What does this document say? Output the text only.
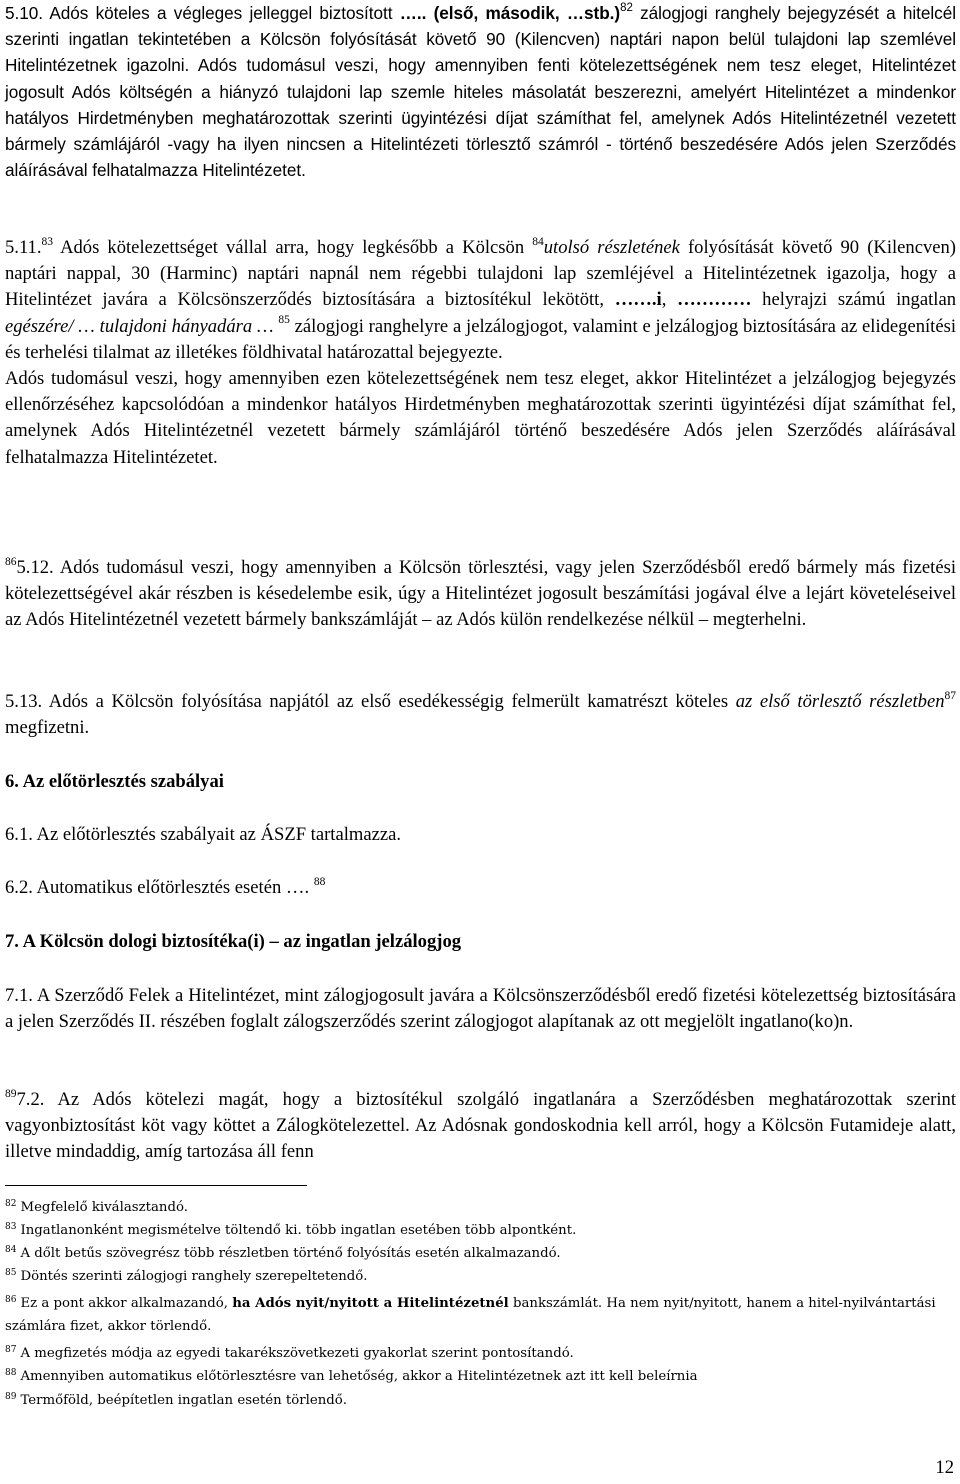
5.10. Adós köteles a végleges jelleggel biztosított ….. (első, második, …stb.)$^{82}$ zálogjogi ranghely bejegyzését a hitelcél szerinti ingatlan tekintetében a Kölcsön folyósítását követő 90 (Kilencven) naptári napon belül tulajdoni lap szemlével Hitelintézetnek igazolni. Adós tudomásul veszi, hogy amennyiben fenti kötelezettségének nem tesz eleget, Hitelintézet jogosult Adós költségén a hiányzó tulajdoni lap szemle hiteles másolatát beszerezni, amelyért Hitelintézet a mindenkor hatályos Hirdetményben meghatározottak szerinti ügyintézési díjat számíthat fel, amelynek Adós Hitelintézetnél vezetett bármely számlájáról -vagy ha ilyen nincsen a Hitelintézeti törlesztő számról - történő beszedésére Adós jelen Szerződés aláírásával felhatalmazza Hitelintézetet.

5.11.83 Adós kötelezettséget vállal arra, hogy legkésőbb a Kölcsön $^{84}$utolsó részletének folyósítását követő 90 (Kilencven) naptári nappal, 30 (Harminc) naptári napnál nem régebbi tulajdoni lap szemléjével a Hitelintézetnek igazolja, hogy a Hitelintézet javára a Kölcsönszerződés biztosítására a biztosítékul lekötött, …….i, ………… helyrajzi számú ingatlan egészére/ … tulajdoni hányadára … $^{85}$ zálogjogi ranghelyre a jelzálogjogot, valamint e jelzálogjog biztosítására az elidegenítési és terhelési tilalmat az illetékes földhivatal határozattal bejegyezte.

Adós tudomásul veszi, hogy amennyiben ezen kötelezettségének nem tesz eleget, akkor Hitelintézet a jelzálogjog bejegyzés ellenőrzéséhez kapcsolódóan a mindenkor hatályos Hirdetményben meghatározottak szerinti ügyintézési díjat számíthat fel, amelynek Adós Hitelintézetnél vezetett bármely számlájáról történő beszedésére Adós jelen Szerződés aláírásával felhatalmazza Hitelintézetet.

$^{86}$5.12. Adós tudomásul veszi, hogy amennyiben a Kölcsön törlesztési, vagy jelen Szerződésből eredő bármely más fizetési kötelezettségével akár részben is késedelembe esik, úgy a Hitelintézet jogosult beszámítási jogával élve a lejárt követeléseivel az Adós Hitelintézetnél vezetett bármely bankszámláját – az Adós külön rendelkezése nélkül – megterhelni.

5.13. Adós a Kölcsön folyósítása napjától az első esedékességig felmerült kamatrészt köteles az első törlesztő részletben$^{87}$ megfizetni.

6. Az előtörlesztés szabályai

6.1. Az előtörlesztés szabályait az ÁSZF tartalmazza.

6.2. Automatikus előtörlesztés esetén …. $^{88}$

7. A Kölcsön dologi biztosítéka(i) – az ingatlan jelzálogjog

7.1. A Szerződő Felek a Hitelintézet, mint zálogjogosult javára a Kölcsönszerződésből eredő fizetési kötelezettség biztosítására a jelen Szerződés II. részében foglalt zálogszerződés szerint zálogjogot alapítanak az ott megjelölt ingatlano(ko)n.

$^{89}$7.2. Az Adós kötelezi magát, hogy a biztosítékul szolgáló ingatlanára a Szerződésben meghatározottak szerint vagyonbiztosítást köt vagy köttet a Zálogkötelezettel. Az Adósnak gondoskodnia kell arról, hogy a Kölcsön Futamideje alatt, illetve mindaddig, amíg tartozása áll fenn

$^{82}$ Megfelelő kiválasztandó.

$^{83}$ Ingatlanonként megismételve töltendő ki. több ingatlan esetében több alpontként.

$^{84}$ A dőlt betűs szövegrész több részletben történő folyósítás esetén alkalmazandó.

$^{85}$ Döntés szerinti zálogjogi ranghely szerepeltetendő.

$^{86}$ Ez a pont akkor alkalmazandó, ha Adós nyit/nyitott a Hitelintézetnél bankszámlát. Ha nem nyit/nyitott, hanem a hitel-nyilvántartási számlára fizet, akkor törlendő.

$^{87}$ A megfizetés módja az egyedi takarékszövetkezeti gyakorlat szerint pontosítandó.

$^{88}$ Amennyiben automatikus előtörlesztésre van lehetőség, akkor a Hitelintézetnek azt itt kell beleírnia

$^{89}$ Termőföld, beépítetlen ingatlan esetén törlendő.

12
